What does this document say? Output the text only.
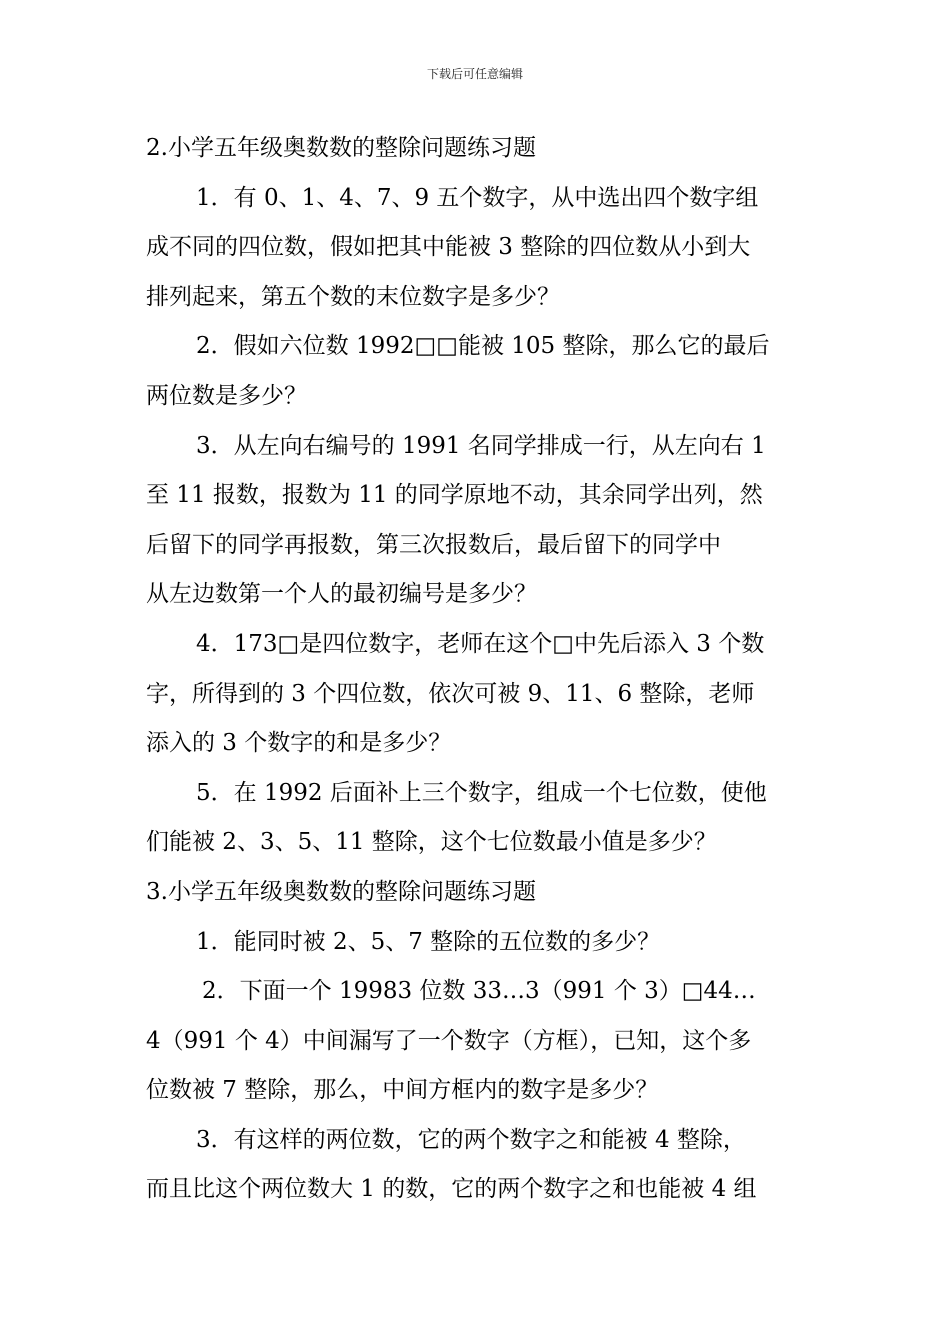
下载后可任意编辑
2.小学五年级奥数数的整除问题练习题
1．有 0、1、4、7、9 五个数字，从中选出四个数字组
成不同的四位数，假如把其中能被 3 整除的四位数从小到大
排列起来，第五个数的末位数字是多少？
2．假如六位数 1992□□能被 105 整除，那么它的最后
两位数是多少？
3．从左向右编号的 1991 名同学排成一行，从左向右 1
至 11 报数，报数为 11 的同学原地不动，其余同学出列，然
后留下的同学再报数，第三次报数后，最后留下的同学中
从左边数第一个人的最初编号是多少？
4．173□是四位数字，老师在这个□中先后添入 3 个数
字，所得到的 3 个四位数，依次可被 9、11、6 整除，老师
添入的 3 个数字的和是多少？
5．在 1992 后面补上三个数字，组成一个七位数，使他
们能被 2、3、5、11 整除，这个七位数最小值是多少？
3.小学五年级奥数数的整除问题练习题
1．能同时被 2、5、7 整除的五位数的多少？
2．下面一个 19983 位数 33…3（991 个 3）□44…
4（991 个 4）中间漏写了一个数字（方框），已知，这个多
位数被 7 整除，那么，中间方框内的数字是多少？
3．有这样的两位数，它的两个数字之和能被 4 整除，
而且比这个两位数大 1 的数，它的两个数字之和也能被 4 组
